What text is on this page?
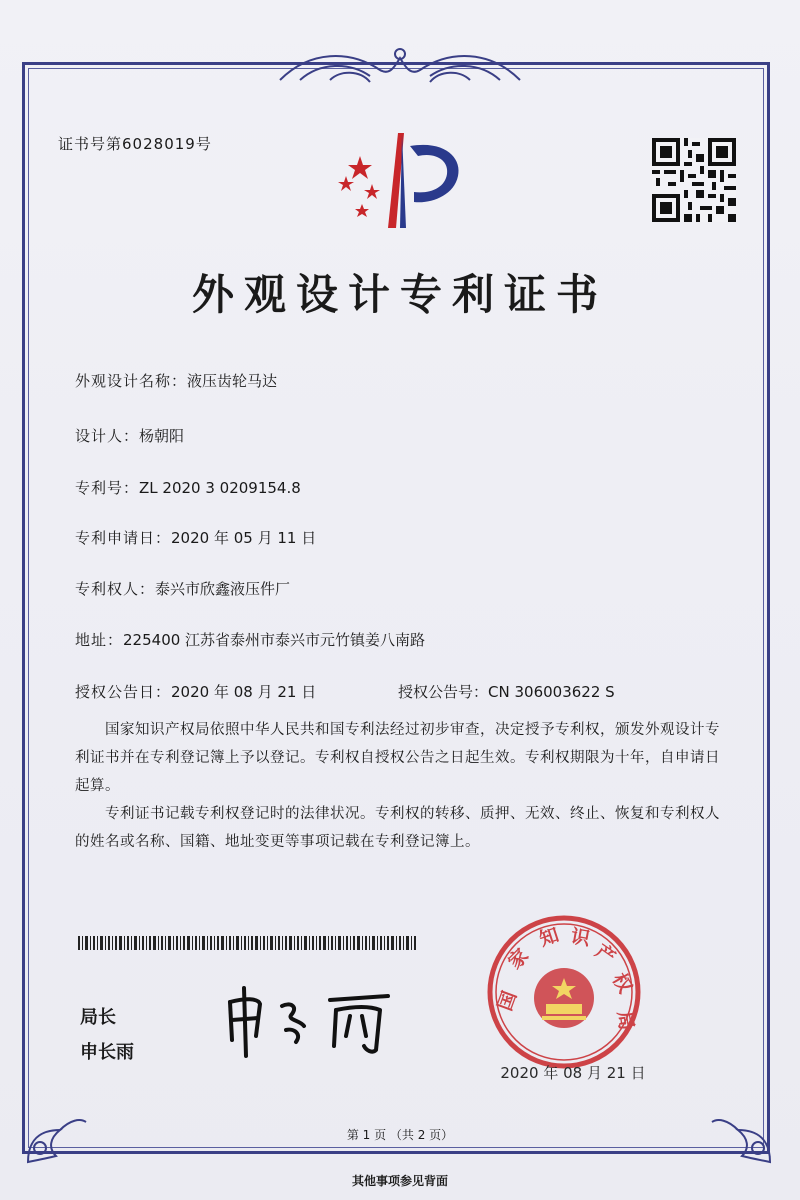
证书号第6028019号
外观设计专利证书
外观设计名称：液压齿轮马达
设计人：杨朝阳
专利号：ZL 2020 3 0209154.8
专利申请日：2020 年 05 月 11 日
专利权人：泰兴市欣鑫液压件厂
地址：225400 江苏省泰州市泰兴市元竹镇姜八南路
授权公告日：2020 年 08 月 21 日	授权公告号：CN 306003622 S
国家知识产权局依照中华人民共和国专利法经过初步审查，决定授予专利权，颁发外观设计专利证书并在专利登记簿上予以登记。专利权自授权公告之日起生效。专利权期限为十年，自申请日起算。
专利证书记载专利权登记时的法律状况。专利权的转移、质押、无效、终止、恢复和专利权人的姓名或名称、国籍、地址变更等事项记载在专利登记簿上。
局长
申长雨
国
家
知 识
产
权
局
2020 年 08 月 21 日
第 1 页 （共 2 页）
其他事项参见背面
